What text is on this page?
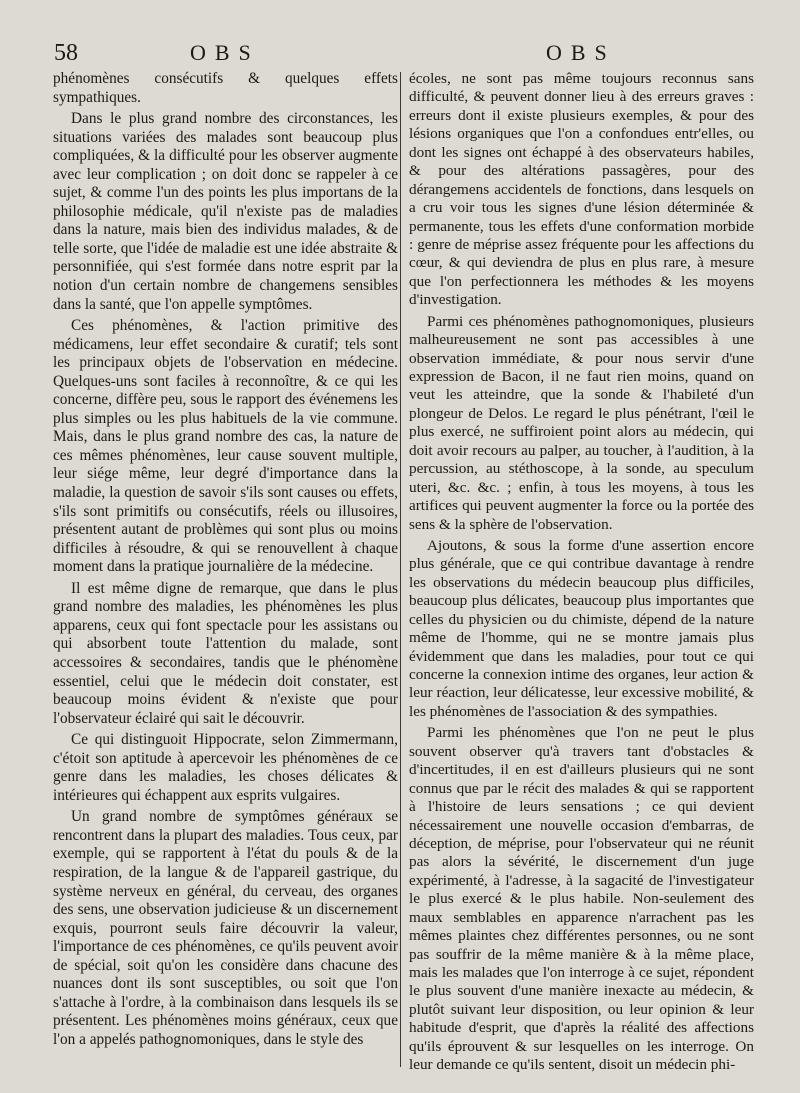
58	OBS	OBS

phénomènes consécutifs & quelques effets sympathiques.

Dans le plus grand nombre des circonstances, les situations variées des malades sont beaucoup plus compliquées, & la difficulté pour les observer augmente avec leur complication ; on doit donc se rappeler à ce sujet, & comme l'un des points les plus importans de la philosophie médicale, qu'il n'existe pas de maladies dans la nature, mais bien des individus malades, & de telle sorte, que l'idée de maladie est une idée abstraite & personnifiée, qui s'est formée dans notre esprit par la notion d'un certain nombre de changemens sensibles dans la santé, que l'on appelle symptômes.

Ces phénomènes, & l'action primitive des médicamens, leur effet secondaire & curatif; tels sont les principaux objets de l'observation en médecine. Quelques-uns sont faciles à reconnoître, & ce qui les concerne, diffère peu, sous le rapport des événemens les plus simples ou les plus habituels de la vie commune. Mais, dans le plus grand nombre des cas, la nature de ces mêmes phénomènes, leur cause souvent multiple, leur siége même, leur degré d'importance dans la maladie, la question de savoir s'ils sont causes ou effets, s'ils sont primitifs ou consécutifs, réels ou illusoires, présentent autant de problèmes qui sont plus ou moins difficiles à résoudre, & qui se renouvellent à chaque moment dans la pratique journalière de la médecine.

Il est même digne de remarque, que dans le plus grand nombre des maladies, les phénomènes les plus apparens, ceux qui font spectacle pour les assistans ou qui absorbent toute l'attention du malade, sont accessoires & secondaires, tandis que le phénomène essentiel, celui que le médecin doit constater, est beaucoup moins évident & n'existe que pour l'observateur éclairé qui sait le découvrir.

Ce qui distinguoit Hippocrate, selon Zimmermann, c'étoit son aptitude à apercevoir les phénomènes de ce genre dans les maladies, les choses délicates & intérieures qui échappent aux esprits vulgaires.

Un grand nombre de symptômes généraux se rencontrent dans la plupart des maladies. Tous ceux, par exemple, qui se rapportent à l'état du pouls & de la respiration, de la langue & de l'appareil gastrique, du système nerveux en général, du cerveau, des organes des sens, une observation judicieuse & un discernement exquis, pourront seuls faire découvrir la valeur, l'importance de ces phénomènes, ce qu'ils peuvent avoir de spécial, soit qu'on les considère dans chacune des nuances dont ils sont susceptibles, ou soit que l'on s'attache à l'ordre, à la combinaison dans lesquels ils se présentent. Les phénomènes moins généraux, ceux que l'on a appelés pathognomoniques, dans le style des

écoles, ne sont pas même toujours reconnus sans difficulté, & peuvent donner lieu à des erreurs graves : erreurs dont il existe plusieurs exemples, & pour des lésions organiques que l'on a confondues entr'elles, ou dont les signes ont échappé à des observateurs habiles, & pour des altérations passagères, pour des dérangemens accidentels de fonctions, dans lesquels on a cru voir tous les signes d'une lésion déterminée & permanente, tous les effets d'une conformation morbide : genre de méprise assez fréquente pour les affections du cœur, & qui deviendra de plus en plus rare, à mesure que l'on perfectionnera les méthodes & les moyens d'investigation.

Parmi ces phénomènes pathognomoniques, plusieurs malheureusement ne sont pas accessibles à une observation immédiate, & pour nous servir d'une expression de Bacon, il ne faut rien moins, quand on veut les atteindre, que la sonde & l'habileté d'un plongeur de Delos. Le regard le plus pénétrant, l'œil le plus exercé, ne suffiroient point alors au médecin, qui doit avoir recours au palper, au toucher, à l'audition, à la percussion, au stéthoscope, à la sonde, au speculum uteri, &c. &c. ; enfin, à tous les moyens, à tous les artifices qui peuvent augmenter la force ou la portée des sens & la sphère de l'observation.

Ajoutons, & sous la forme d'une assertion encore plus générale, que ce qui contribue davantage à rendre les observations du médecin beaucoup plus difficiles, beaucoup plus délicates, beaucoup plus importantes que celles du physicien ou du chimiste, dépend de la nature même de l'homme, qui ne se montre jamais plus évidemment que dans les maladies, pour tout ce qui concerne la connexion intime des organes, leur action & leur réaction, leur délicatesse, leur excessive mobilité, & les phénomènes de l'association & des sympathies.

Parmi les phénomènes que l'on ne peut le plus souvent observer qu'à travers tant d'obstacles & d'incertitudes, il en est d'ailleurs plusieurs qui ne sont connus que par le récit des malades & qui se rapportent à l'histoire de leurs sensations ; ce qui devient nécessairement une nouvelle occasion d'embarras, de déception, de méprise, pour l'observateur qui ne réunit pas alors la sévérité, le discernement d'un juge expérimenté, à l'adresse, à la sagacité de l'investigateur le plus exercé & le plus habile. Non-seulement des maux semblables en apparence n'arrachent pas les mêmes plaintes chez différentes personnes, ou ne sont pas souffrir de la même manière & à la même place, mais les malades que l'on interroge à ce sujet, répondent le plus souvent d'une manière inexacte au médecin, & plutôt suivant leur disposition, ou leur opinion & leur habitude d'esprit, que d'après la réalité des affections qu'ils éprouvent & sur lesquelles on les interroge. On leur demande ce qu'ils sentent, disoit un médecin phi-
